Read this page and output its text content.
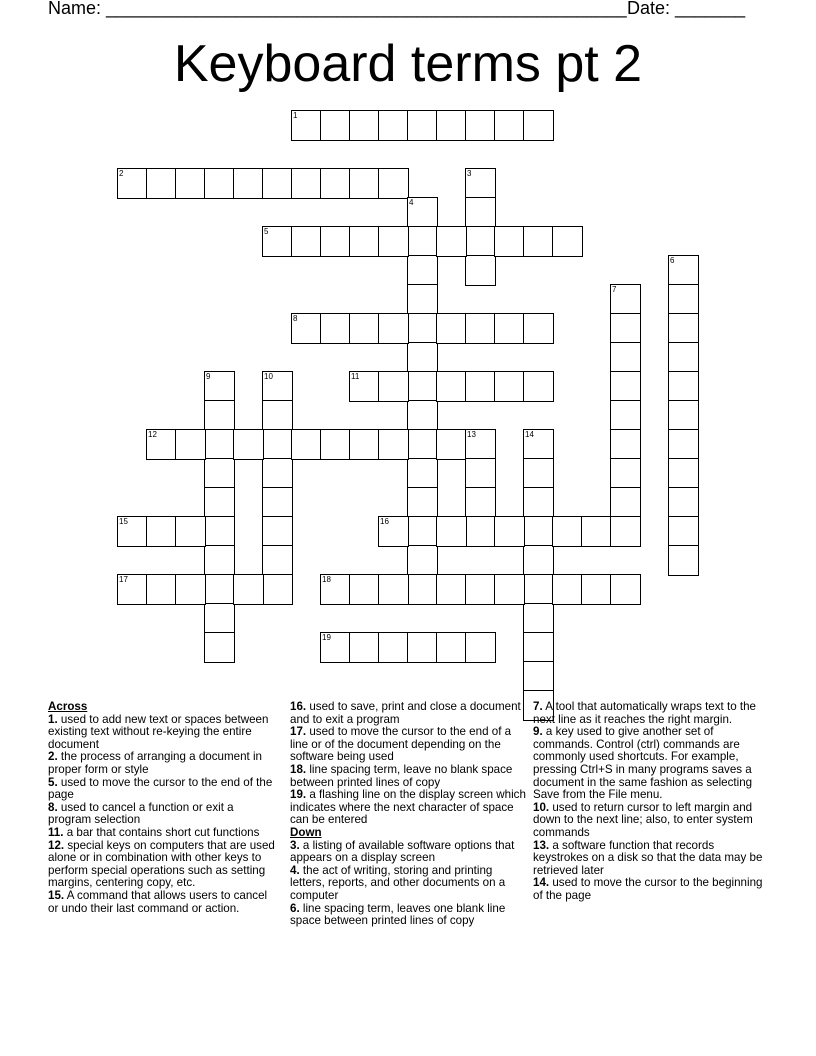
Name: ____________________________________________________ Date: _______
Keyboard terms pt 2
1
2	3
4
5
6
7
8
9	10	11
12	13	14
15	16
17	18
19
Across

1. used to add new text or spaces between existing text without re-keying the entire document

2. the process of arranging a document in proper form or style

5. used to move the cursor to the end of the page

8. used to cancel a function or exit a program selection

11. a bar that contains short cut functions

12. special keys on computers that are used alone or in combination with other keys to perform special operations such as setting margins, centering copy, etc.

15. A command that allows users to cancel or undo their last command or action.

16. used to save, print and close a document and to exit a program

17. used to move the cursor to the end of a line or of the document depending on the software being used

18. line spacing term, leave no blank space between printed lines of copy

19. a flashing line on the display screen which indicates where the next character of space can be entered

Down

3. a listing of available software options that appears on a display screen

4. the act of writing, storing and printing letters, reports, and other documents on a computer

6. line spacing term, leaves one blank line space between printed lines of copy

7. A tool that automatically wraps text to the next line as it reaches the right margin.

9. a key used to give another set of commands. Control (ctrl) commands are commonly used shortcuts. For example, pressing Ctrl+S in many programs saves a document in the same fashion as selecting Save from the File menu.

10. used to return cursor to left margin and down to the next line; also, to enter system commands

13. a software function that records keystrokes on a disk so that the data may be retrieved later

14. used to move the cursor to the beginning of the page
